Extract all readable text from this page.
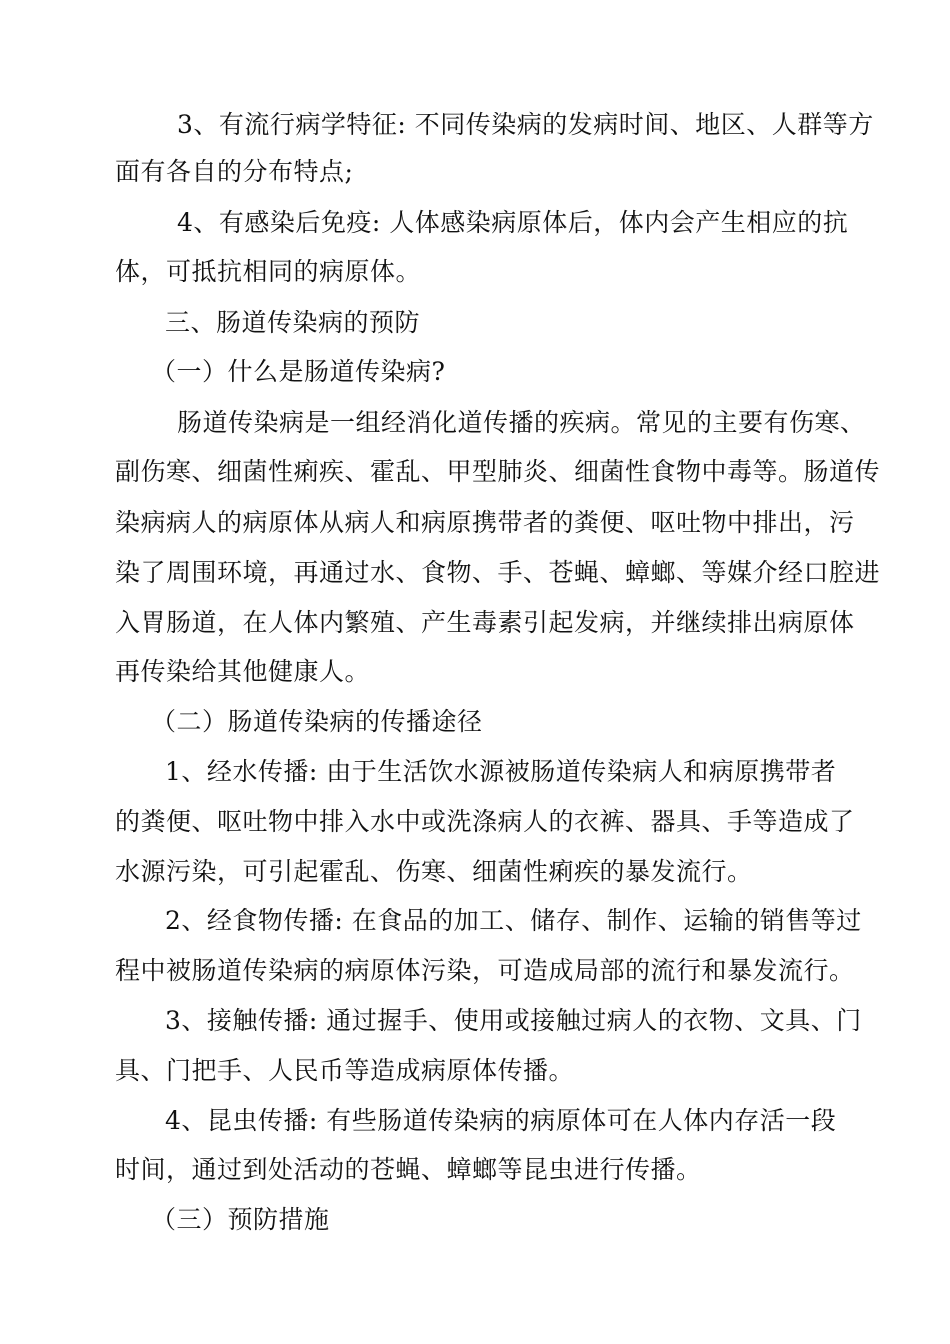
3、有流行病学特征: 不同传染病的发病时间、地区、人群等方
面有各自的分布特点;
4、有感染后免疫: 人体感染病原体后，体内会产生相应的抗
体，可抵抗相同的病原体。
三、肠道传染病的预防
（一）什么是肠道传染病?
肠道传染病是一组经消化道传播的疾病。常见的主要有伤寒、
副伤寒、细菌性痢疾、霍乱、甲型肺炎、细菌性食物中毒等。肠道传
染病病人的病原体从病人和病原携带者的粪便、呕吐物中排出，污
染了周围环境，再通过水、食物、手、苍蝇、蟑螂、等媒介经口腔进
入胃肠道，在人体内繁殖、产生毒素引起发病，并继续排出病原体
再传染给其他健康人。
（二）肠道传染病的传播途径
1、经水传播: 由于生活饮水源被肠道传染病人和病原携带者
的粪便、呕吐物中排入水中或洗涤病人的衣裤、器具、手等造成了
水源污染，可引起霍乱、伤寒、细菌性痢疾的暴发流行。
2、经食物传播: 在食品的加工、储存、制作、运输的销售等过
程中被肠道传染病的病原体污染，可造成局部的流行和暴发流行。
3、接触传播: 通过握手、使用或接触过病人的衣物、文具、门
具、门把手、人民币等造成病原体传播。
4、昆虫传播: 有些肠道传染病的病原体可在人体内存活一段
时间，通过到处活动的苍蝇、蟑螂等昆虫进行传播。
（三）预防措施
